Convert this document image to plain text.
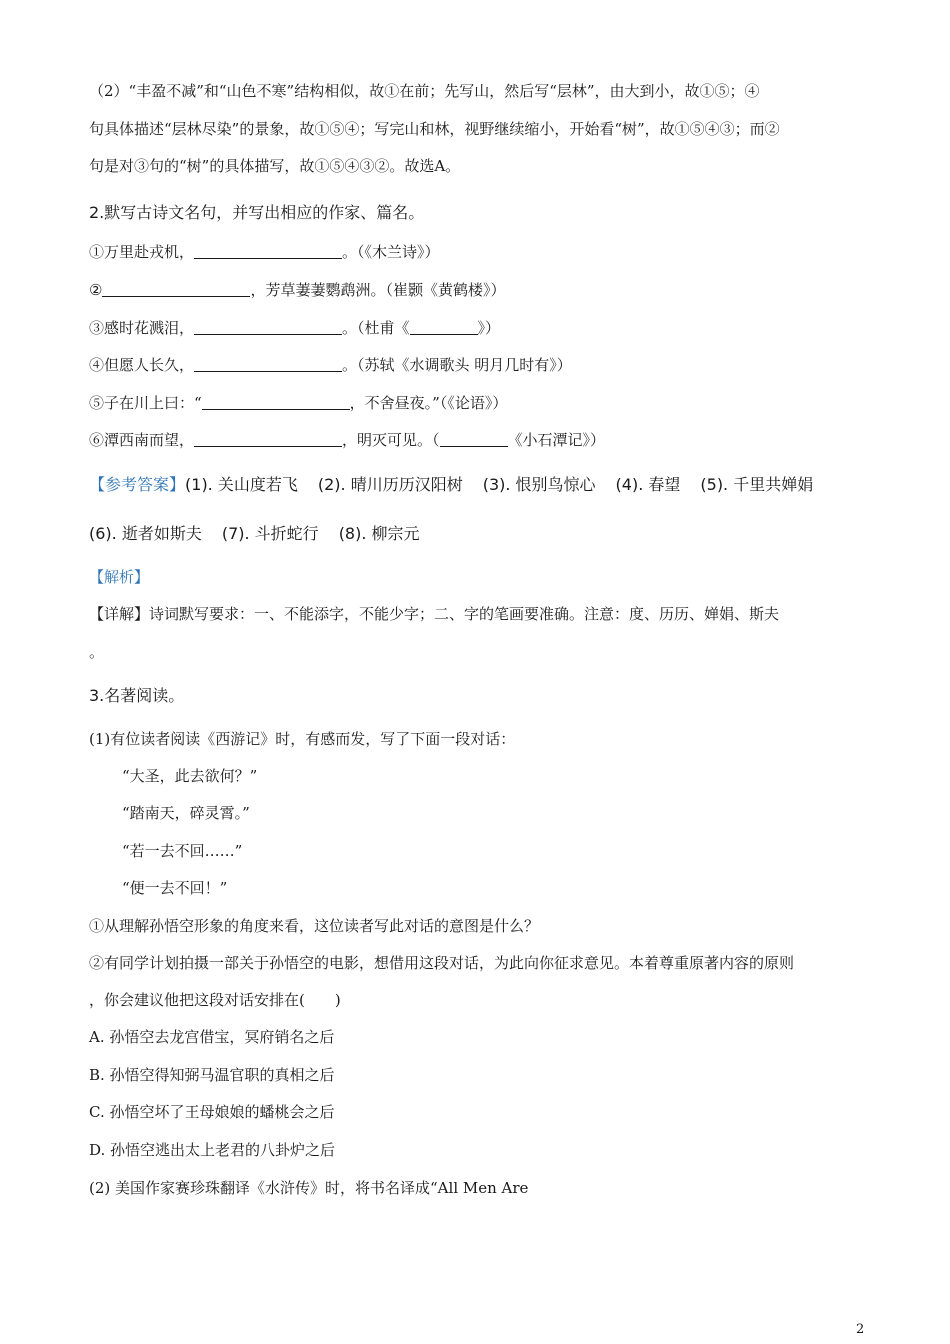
（2）“丰盈不减”和“山色不寒”结构相似，故①在前；先写山，然后写“层林”，由大到小，故①⑤；④
句具体描述“层林尽染”的景象，故①⑤④；写完山和林，视野继续缩小，开始看“树”，故①⑤④③；而②
句是对③句的“树”的具体描写，故①⑤④③②。故选A。
2.默写古诗文名句，并写出相应的作家、篇名。
①万里赴戎机，	。（《木兰诗》）
②	，芳草萋萋鹦鹉洲。（崔颢《黄鹤楼》）
③感时花溅泪，	。（杜甫《	》）
④但愿人长久，	。（苏轼《水调歌头 明月几时有》）
⑤子在川上曰：“	，不舍昼夜。”（《论语》）
⑥潭西南而望，	，明灭可见。（	《小石潭记》）
【参考答案】(1). 关山度若飞 (2). 晴川历历汉阳树 (3). 恨别鸟惊心 (4). 春望 (5). 千里共婵娟
(6). 逝者如斯夫 (7). 斗折蛇行 (8). 柳宗元
【解析】
【详解】诗词默写要求：一、不能添字，不能少字；二、字的笔画要准确。注意：度、历历、婵娟、斯夫
。
3.名著阅读。
(1)有位读者阅读《西游记》时，有感而发，写了下面一段对话：
“大圣，此去欲何？”
“踏南天，碎灵霄。”
“若一去不回……”
“便一去不回！”
①从理解孙悟空形象的角度来看，这位读者写此对话的意图是什么？
②有同学计划拍摄一部关于孙悟空的电影，想借用这段对话，为此向你征求意见。本着尊重原著内容的原则
，你会建议他把这段对话安排在(　　)
A. 孙悟空去龙宫借宝，冥府销名之后
B. 孙悟空得知弼马温官职的真相之后
C. 孙悟空坏了王母娘娘的蟠桃会之后
D. 孙悟空逃出太上老君的八卦炉之后
(2) 美国作家赛珍珠翻译《水浒传》时，将书名译成“All Men Are
2
